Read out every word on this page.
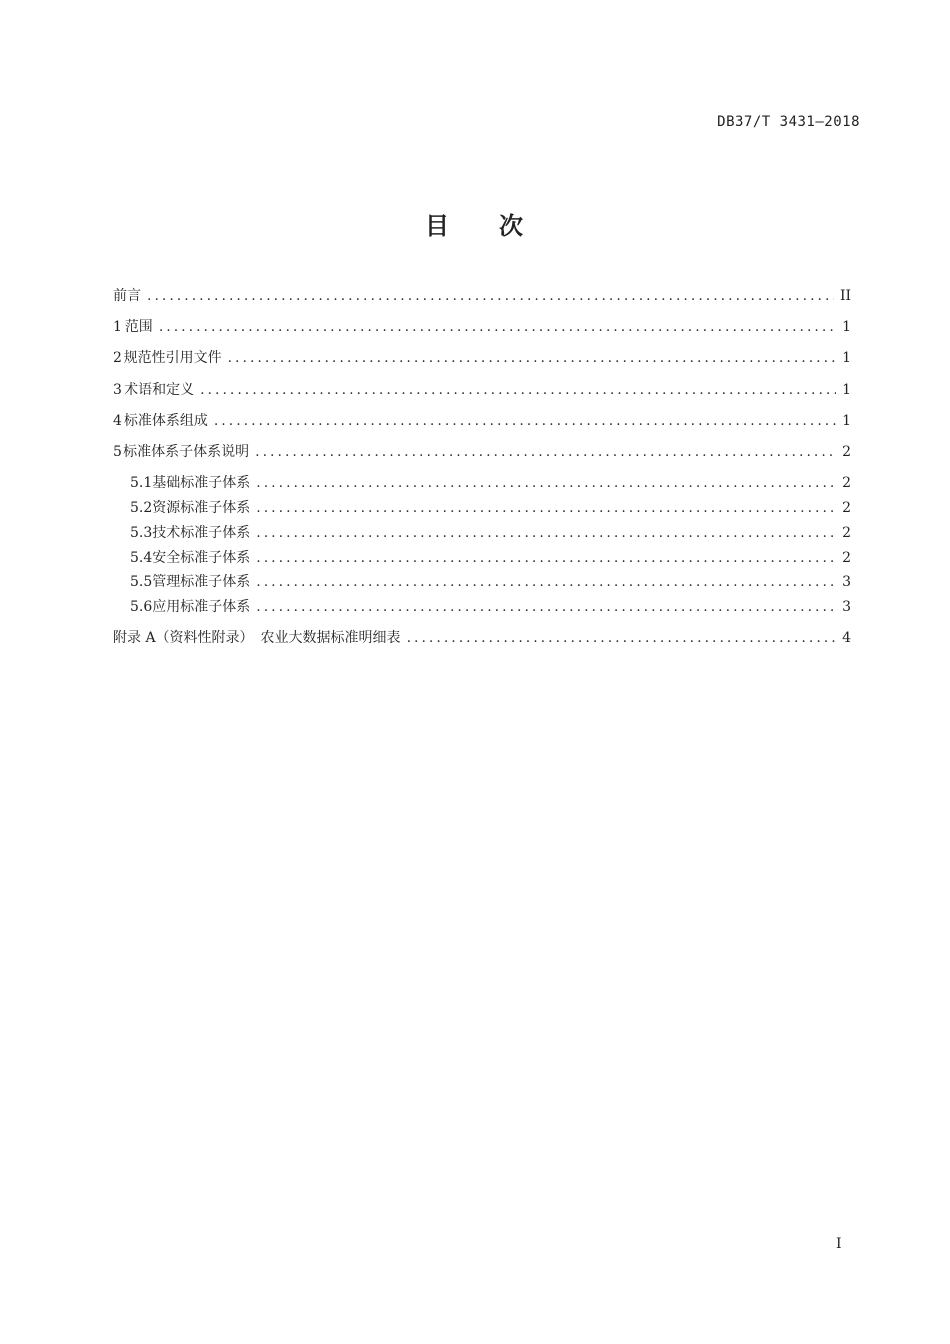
DB37/T 3431—2018
目 次
前言 .....	II
1 范围 .....	1
2 规范性引用文件 .....	1
3 术语和定义 .....	1
4 标准体系组成 .....	1
5 标准体系子体系说明 .....	2
5.1 基础标准子体系 .....	2
5.2 资源标准子体系 .....	2
5.3 技术标准子体系 .....	2
5.4 安全标准子体系 .....	2
5.5 管理标准子体系 .....	3
5.6 应用标准子体系 .....	3
附录 A（资料性附录）　农业大数据标准明细表 .....	4
I
